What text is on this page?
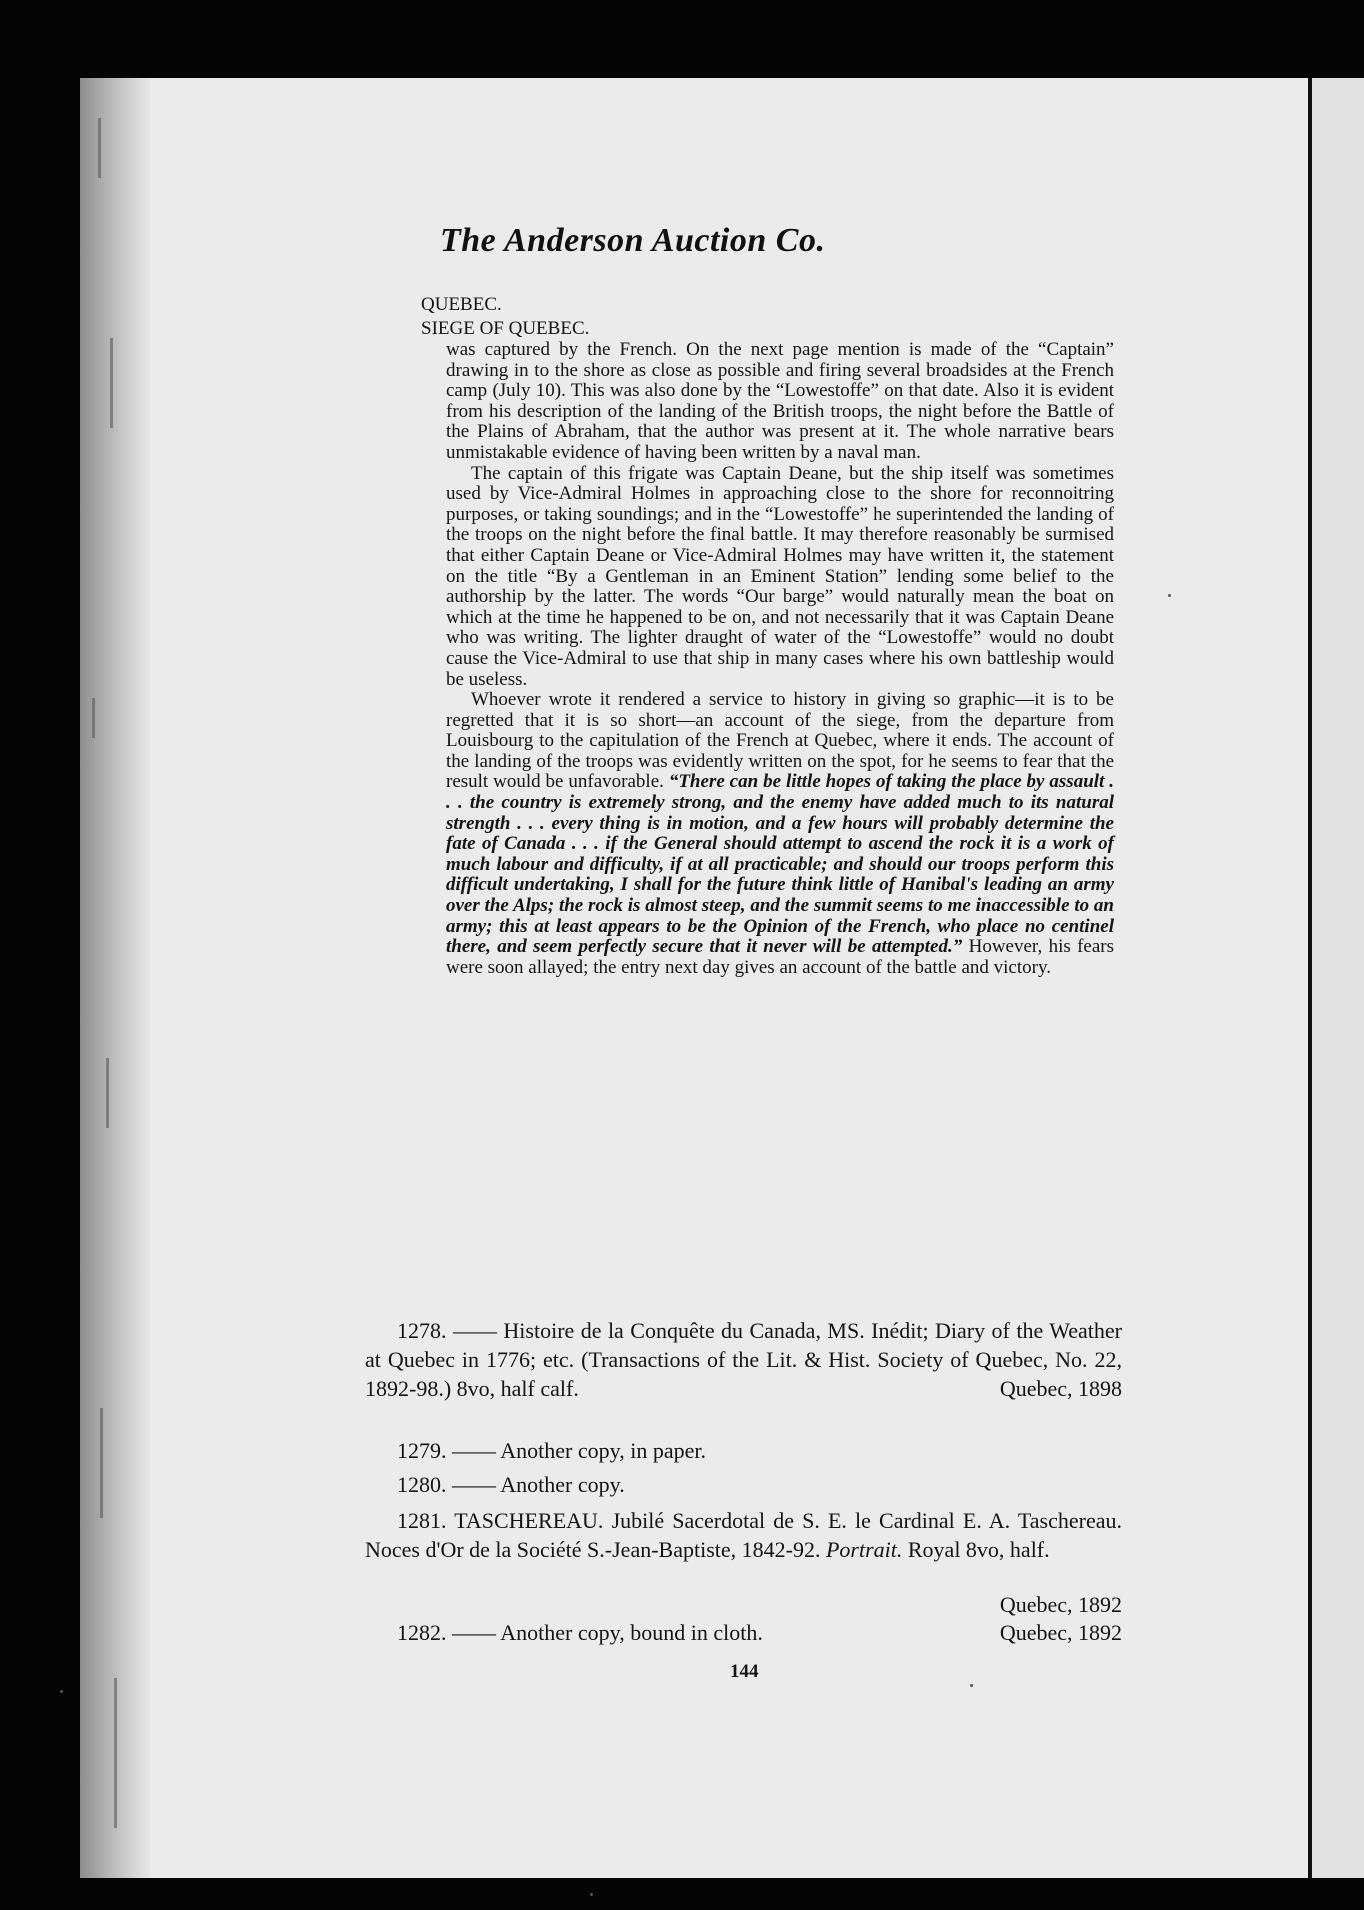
The Anderson Auction Co.
QUEBEC.
SIEGE OF QUEBEC.

was captured by the French. On the next page mention is made of the “Captain” drawing in to the shore as close as possible and firing several broadsides at the French camp (July 10). This was also done by the “Lowestoffe” on that date. Also it is evident from his description of the landing of the British troops, the night before the Battle of the Plains of Abraham, that the author was present at it. The whole narrative bears unmistakable evidence of having been written by a naval man.

The captain of this frigate was Captain Deane, but the ship itself was sometimes used by Vice-Admiral Holmes in approaching close to the shore for reconnoitring purposes, or taking soundings; and in the “Lowestoffe” he superintended the landing of the troops on the night before the final battle. It may therefore reasonably be surmised that either Captain Deane or Vice-Admiral Holmes may have written it, the statement on the title “By a Gentleman in an Eminent Station” lending some belief to the authorship by the latter. The words “Our barge” would naturally mean the boat on which at the time he happened to be on, and not necessarily that it was Captain Deane who was writing. The lighter draught of water of the “Lowestoffe” would no doubt cause the Vice-Admiral to use that ship in many cases where his own battleship would be useless.

Whoever wrote it rendered a service to history in giving so graphic—it is to be regretted that it is so short—an account of the siege, from the departure from Louisbourg to the capitulation of the French at Quebec, where it ends. The account of the landing of the troops was evidently written on the spot, for he seems to fear that the result would be unfavorable. “There can be little hopes of taking the place by assault . . . the country is extremely strong, and the enemy have added much to its natural strength . . . every thing is in motion, and a few hours will probably determine the fate of Canada . . . if the General should attempt to ascend the rock it is a work of much labour and difficulty, if at all practicable; and should our troops perform this difficult undertaking, I shall for the future think little of Hanibal's leading an army over the Alps; the rock is almost steep, and the summit seems to me inaccessible to an army; this at least appears to be the Opinion of the French, who place no centinel there, and seem perfectly secure that it never will be attempted.” However, his fears were soon allayed; the entry next day gives an account of the battle and victory.

1278. —— Histoire de la Conquête du Canada, MS. Inédit; Diary of the Weather at Quebec in 1776; etc. (Transactions of the Lit. & Hist. Society of Quebec, No. 22, 1892-98.) 8vo, half calf.	Quebec, 1898
1279. —— Another copy, in paper.
1280. —— Another copy.
1281. TASCHEREAU. Jubilé Sacerdotal de S. E. le Cardinal E. A. Taschereau. Noces d'Or de la Société S.-Jean-Baptiste, 1842-92. Portrait. Royal 8vo, half.
Quebec, 1892
1282. —— Another copy, bound in cloth.	Quebec, 1892
144
